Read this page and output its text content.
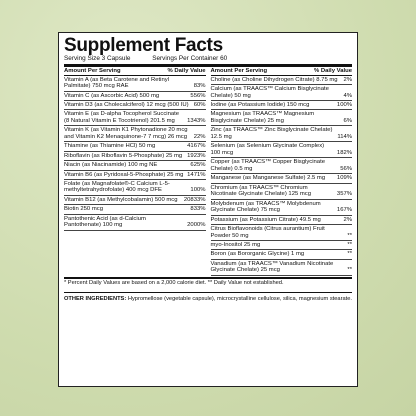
Supplement Facts
Serving Size 3 Capsule	Servings Per Container 60
Amount Per Serving	% Daily Value
Vitamin A (as Beta Carotene and Retinyl Palmitate) 750 mcg RAE	83%
Vitamin C (as Ascorbic Acid) 500 mg	556%
Vitamin D3 (as Cholecalciferol) 12 mcg (500 IU) 60%
Vitamin E (as D-alpha Tocopherol Succinate (8 Natural Vitamin E Tocotrienol) 201.5 mg	1343%
Vitamin K (as Vitamin K1 Phytonadione 20 mcg and Vitamin K2 Menaquinone-7 7 mcg) 26 mcg	22%
Thiamine (as Thiamine HCl) 50 mg	4167%
Riboflavin (as Riboflavin 5-Phosphate) 25 mg 1923%
Niacin (as Niacinamide) 100 mg NE	625%
Vitamin B6 (as Pyridoxal-5-Phosphate) 25 mg 1471%
Folate (as Magnafolate®-C Calcium L-5-methyltetrahydrofolate) 400 mcg DFE	100%
Vitamin B12 (as Methylcobalamin) 500 mcg	20833%
Biotin 250 mcg	833%
Pantothenic Acid (as d-Calcium Pantothenate) 100 mg	2000%
Amount Per Serving	% Daily Value
Choline (as Choline Dihydrogen Citrate) 8.75 mg	2%
Calcium (as TRAACS™ Calcium Bisglycinate Chelate) 50 mg	4%
Iodine (as Potassium Iodide) 150 mcg	100%
Magnesium (as TRAACS™ Magnesium Bisglycinate Chelate) 25 mg	6%
Zinc (as TRAACS™ Zinc Bisglycinate Chelate) 12.5 mg	114%
Selenium (as Selenium Glycinate Complex) 100 mcg	182%
Copper (as TRAACS™ Copper Bisglycinate Chelate) 0.5 mg	56%
Manganese (as Manganese Sulfate) 2.5 mg	109%
Chromium (as TRAACS™ Chromium Nicotinate Glycinate Chelate) 125 mcg	357%
Molybdenum (as TRAACS™ Molybdenum Glycinate Chelate) 75 mcg	167%
Potassium (as Potassium Citrate) 49.5 mg	2%
Citrus Bioflavonoids (Citrus aurantium) Fruit Powder 50 mg	**
myo-Inositol 25 mg	**
Boron (as Bororganic Glycine) 1 mg	**
Vanadium (as TRAACS™ Vanadium Nicotinate Glycinate Chelate) 25 mcg	**
* Percent Daily Values are based on a 2,000 calorie diet. ** Daily Value not established.
OTHER INGREDIENTS: Hypromellose (vegetable capsule), microcrystalline cellulose, silica, magnesium stearate.
